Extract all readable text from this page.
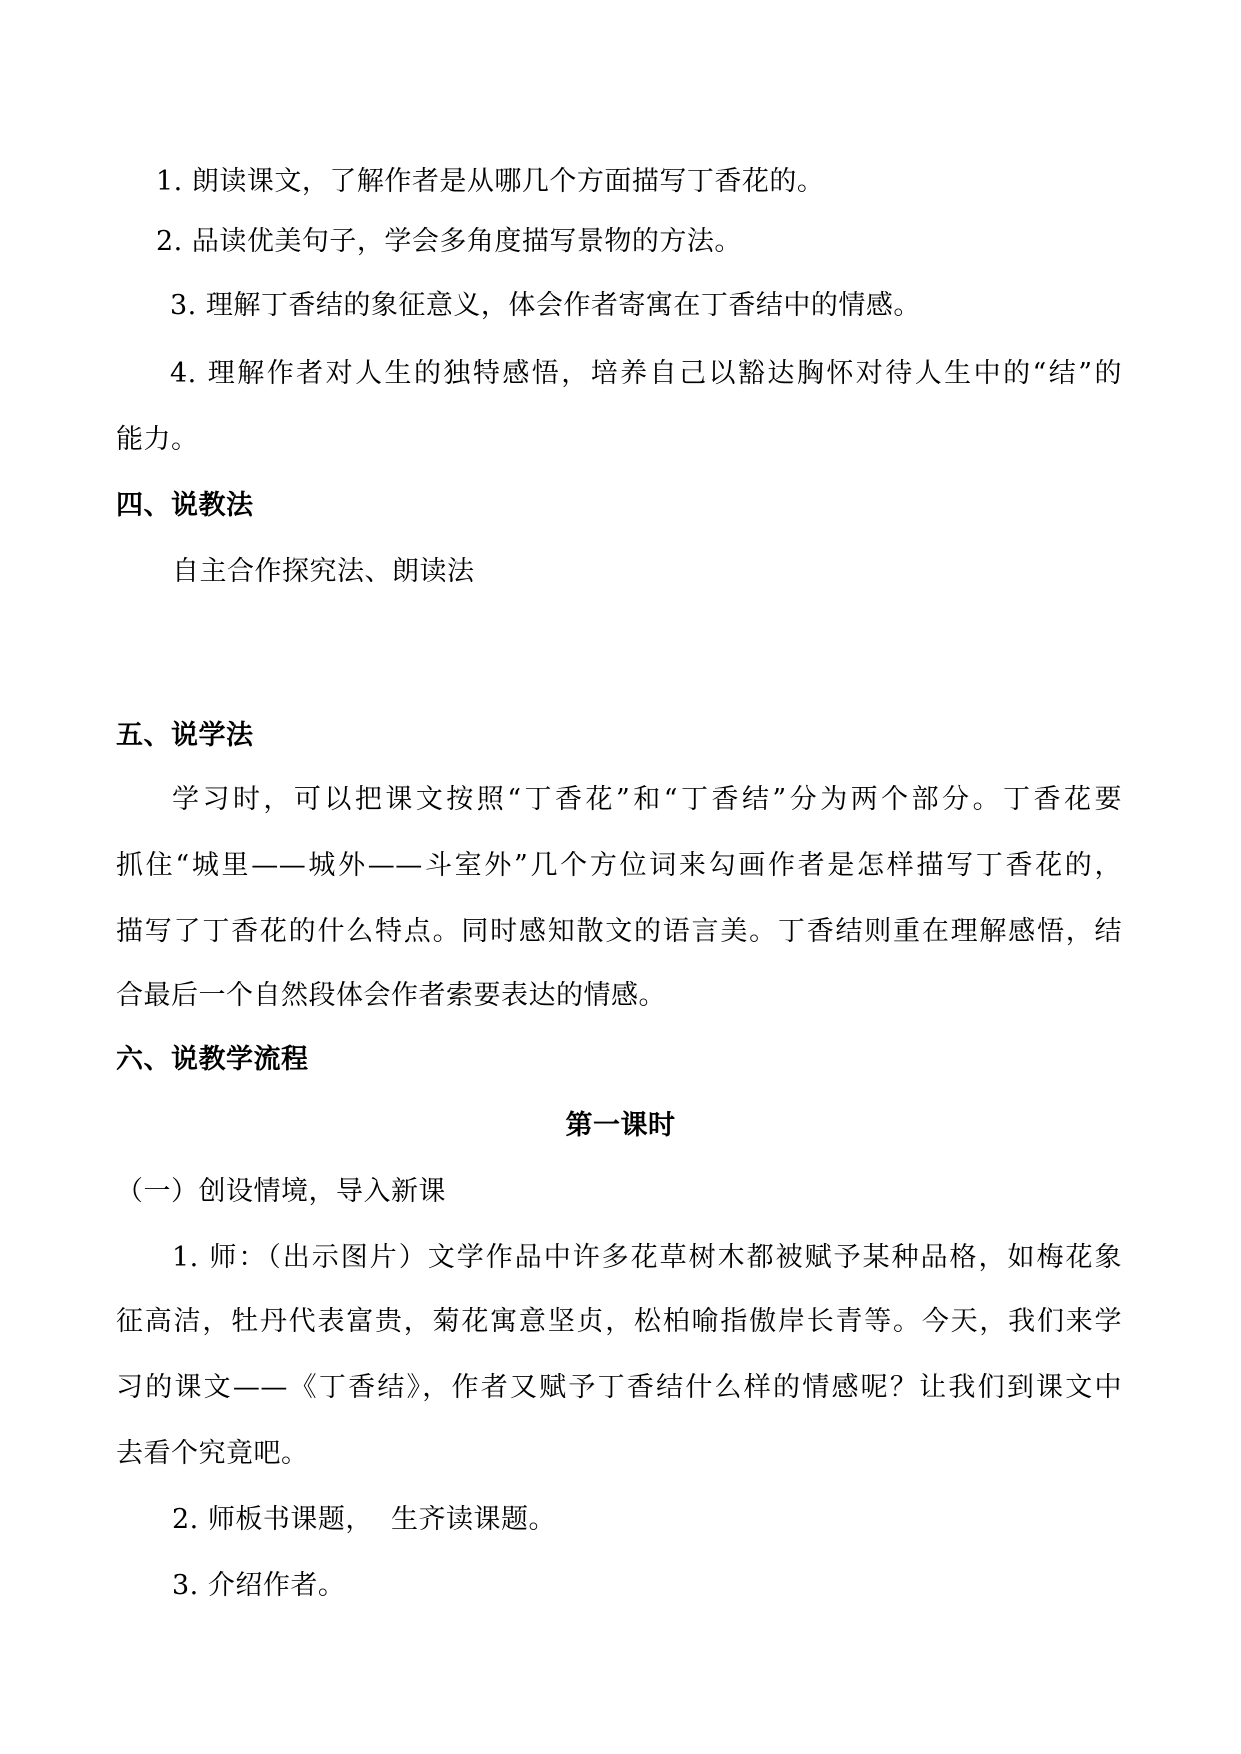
1. 朗读课文，了解作者是从哪几个方面描写丁香花的。
2. 品读优美句子，学会多角度描写景物的方法。
3. 理解丁香结的象征意义，体会作者寄寓在丁香结中的情感。
4. 理解作者对人生的独特感悟，培养自己以豁达胸怀对待人生中的“结”的
能力。
四、说教法
自主合作探究法、朗读法
五、说学法
学习时，可以把课文按照“丁香花”和“丁香结”分为两个部分。丁香花要
抓住“城里——城外——斗室外”几个方位词来勾画作者是怎样描写丁香花的，
描写了丁香花的什么特点。同时感知散文的语言美。丁香结则重在理解感悟，结
合最后一个自然段体会作者索要表达的情感。
六、说教学流程
第一课时
（一）创设情境，导入新课
1. 师：（出示图片）文学作品中许多花草树木都被赋予某种品格，如梅花象
征高洁，牡丹代表富贵，菊花寓意坚贞，松柏喻指傲岸长青等。今天，我们来学
习的课文——《丁香结》，作者又赋予丁香结什么样的情感呢？让我们到课文中
去看个究竟吧。
2. 师板书课题，  生齐读课题。
3. 介绍作者。
